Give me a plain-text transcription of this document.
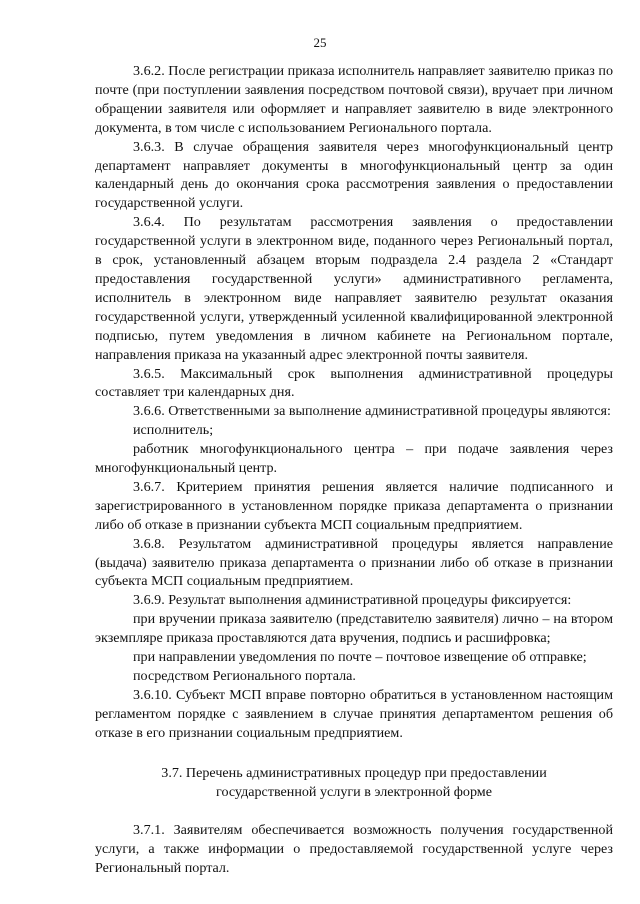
25

3.6.2. После регистрации приказа исполнитель направляет заявителю приказ по почте (при поступлении заявления посредством почтовой связи), вручает при личном обращении заявителя или оформляет и направляет заявителю в виде электронного документа, в том числе с использованием Регионального портала.

3.6.3. В случае обращения заявителя через многофункциональный центр департамент направляет документы в многофункциональный центр за один календарный день до окончания срока рассмотрения заявления о предоставлении государственной услуги.

3.6.4. По результатам рассмотрения заявления о предоставлении государственной услуги в электронном виде, поданного через Региональный портал, в срок, установленный абзацем вторым подраздела 2.4 раздела 2 «Стандарт предоставления государственной услуги» административного регламента, исполнитель в электронном виде направляет заявителю результат оказания государственной услуги, утвержденный усиленной квалифицированной электронной подписью, путем уведомления в личном кабинете на Региональном портале, направления приказа на указанный адрес электронной почты заявителя.

3.6.5. Максимальный срок выполнения административной процедуры составляет три календарных дня.

3.6.6. Ответственными за выполнение административной процедуры являются:

исполнитель;

работник многофункционального центра – при подаче заявления через многофункциональный центр.

3.6.7. Критерием принятия решения является наличие подписанного и зарегистрированного в установленном порядке приказа департамента о признании либо об отказе в признании субъекта МСП социальным предприятием.

3.6.8. Результатом административной процедуры является направление (выдача) заявителю приказа департамента о признании либо об отказе в признании субъекта МСП социальным предприятием.

3.6.9. Результат выполнения административной процедуры фиксируется:

при вручении приказа заявителю (представителю заявителя) лично – на втором экземпляре приказа проставляются дата вручения, подпись и расшифровка;

при направлении уведомления по почте – почтовое извещение об отправке;

посредством Регионального портала.

3.6.10. Субъект МСП вправе повторно обратиться в установленном настоящим регламентом порядке с заявлением в случае принятия департаментом решения об отказе в его признании социальным предприятием.

3.7. Перечень административных процедур при предоставлении

государственной услуги в электронной форме

3.7.1. Заявителям обеспечивается возможность получения государственной услуги, а также информации о предоставляемой государственной услуге через Региональный портал.
